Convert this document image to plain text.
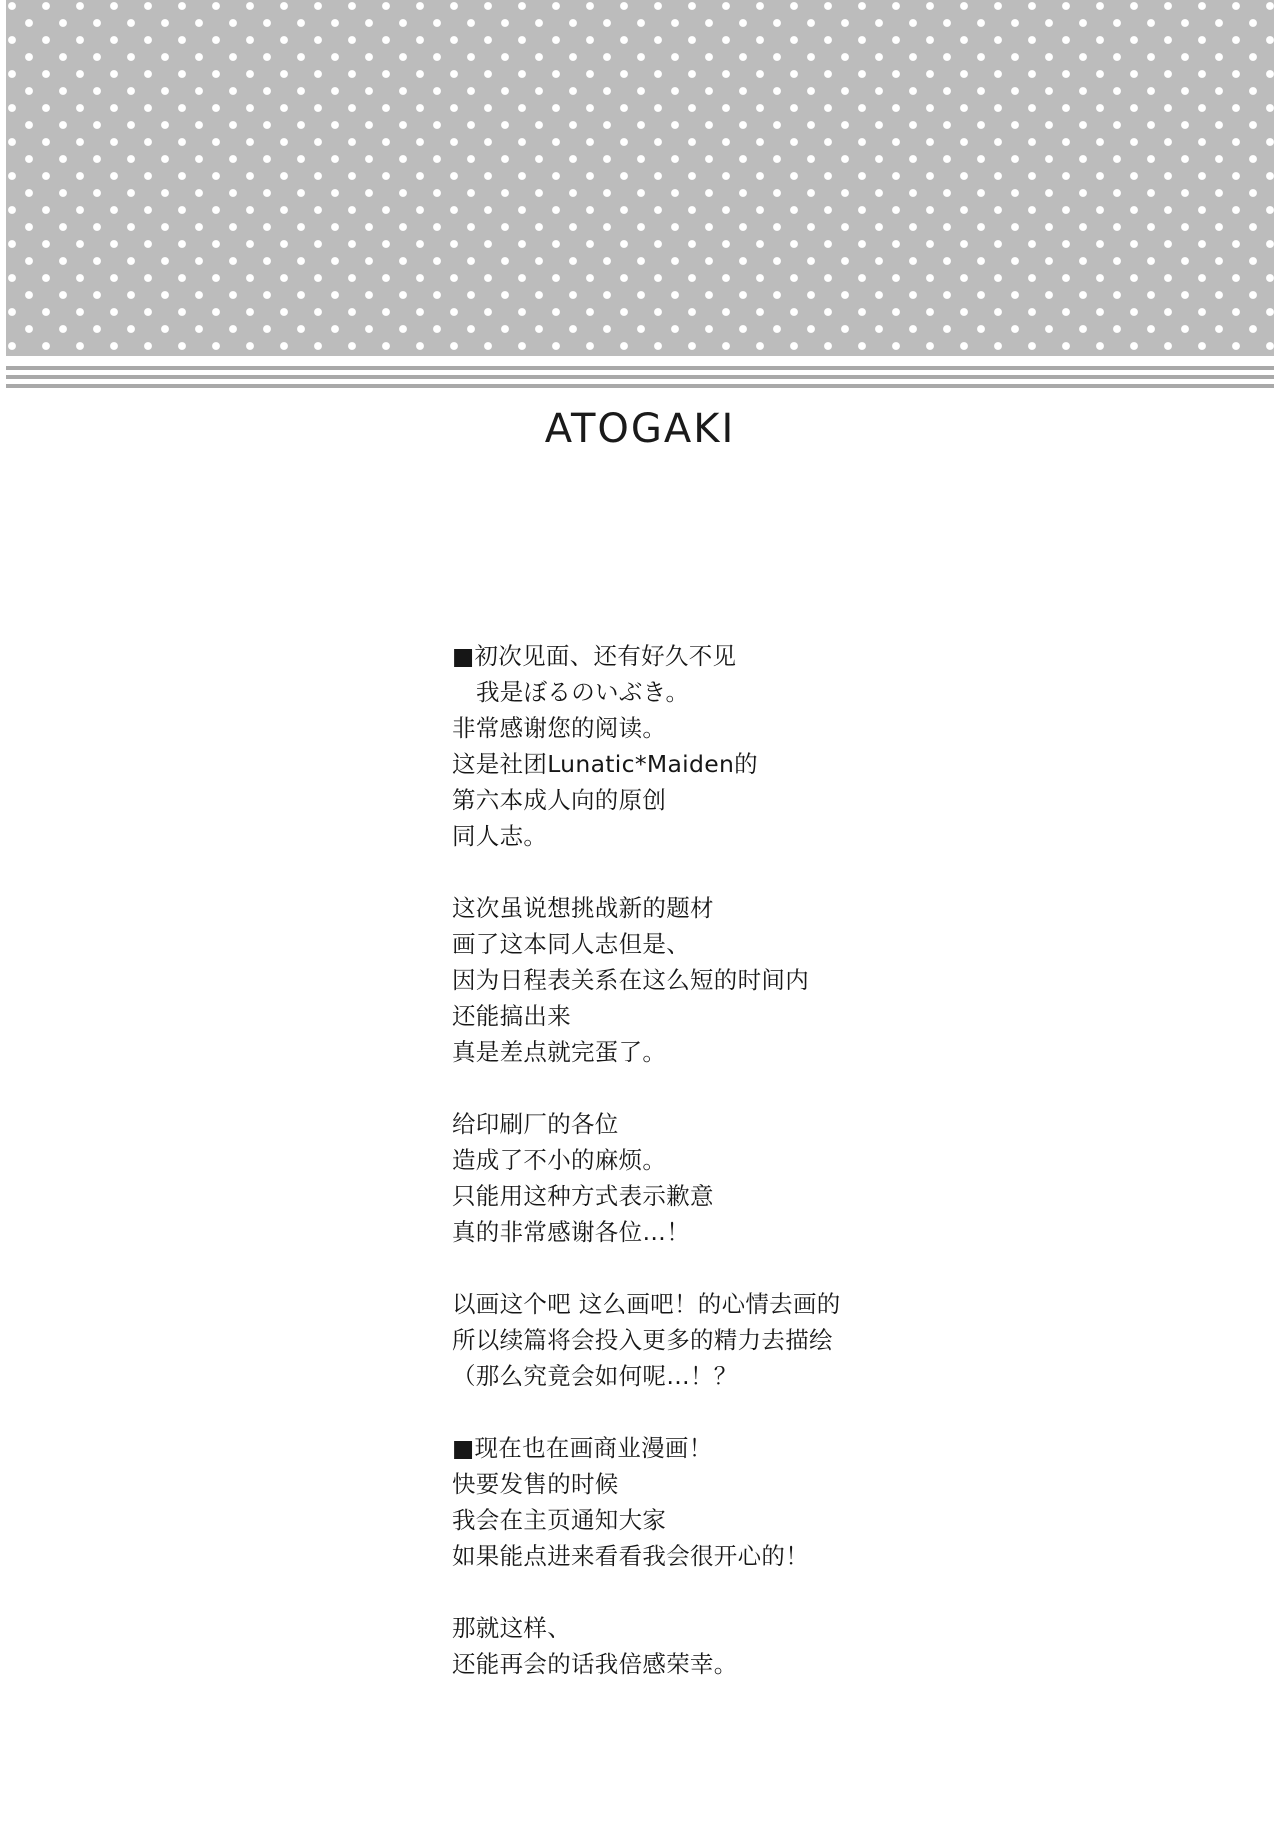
ATOGAKI
■初次见面、还有好久不见
我是ぼるのいぶき。
非常感谢您的阅读。
这是社团Lunatic*Maiden的
第六本成人向的原创
同人志。
这次虽说想挑战新的题材
画了这本同人志但是、
因为日程表关系在这么短的时间内
还能搞出来
真是差点就完蛋了。
给印刷厂的各位
造成了不小的麻烦。
只能用这种方式表示歉意
真的非常感谢各位…！
以画这个吧 这么画吧！的心情去画的
所以续篇将会投入更多的精力去描绘
（那么究竟会如何呢…！？
■现在也在画商业漫画！
快要发售的时候
我会在主页通知大家
如果能点进来看看我会很开心的！
那就这样、
还能再会的话我倍感荣幸。
